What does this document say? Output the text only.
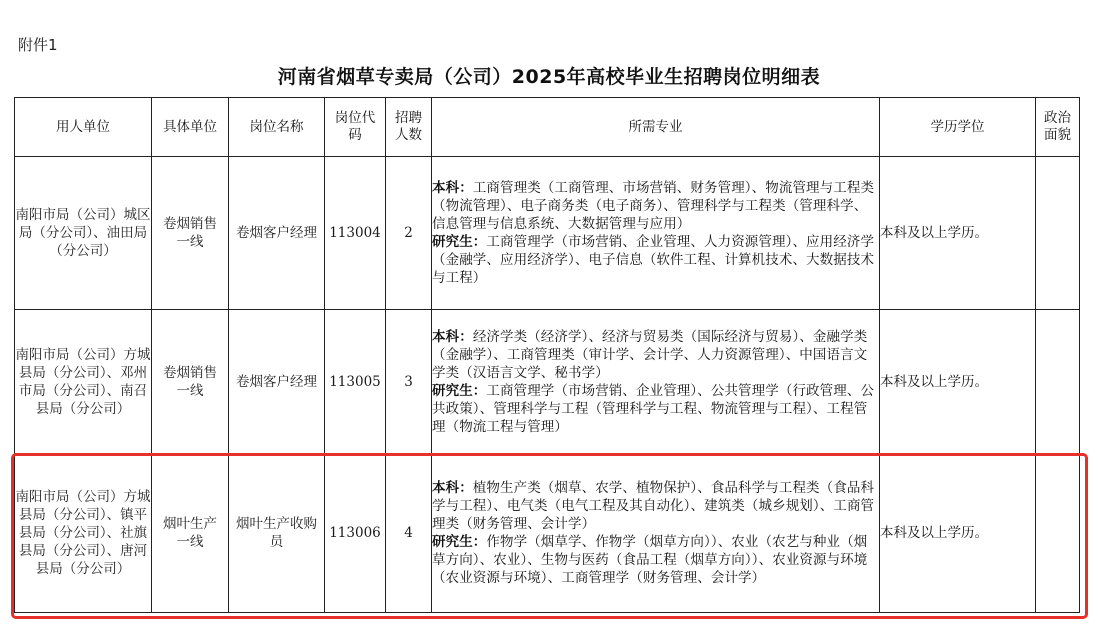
附件1
河南省烟草专卖局（公司）2025年高校毕业生招聘岗位明细表
用人单位	具体单位	岗位名称	岗位代码	招聘人数	所需专业	学历学位	政治面貌
南阳市局（公司）城区局（分公司）、油田局（分公司）	卷烟销售一线	卷烟客户经理	113004	2	本科：工商管理类（工商管理、市场营销、财务管理）、物流管理与工程类（物流管理）、电子商务类（电子商务）、管理科学与工程类（管理科学、信息管理与信息系统、大数据管理与应用）
研究生：工商管理学（市场营销、企业管理、人力资源管理）、应用经济学（金融学、应用经济学）、电子信息（软件工程、计算机技术、大数据技术与工程）	本科及以上学历。	
南阳市局（公司）方城县局（分公司）、邓州市局（分公司）、南召县局（分公司）	卷烟销售一线	卷烟客户经理	113005	3	本科：经济学类（经济学）、经济与贸易类（国际经济与贸易）、金融学类（金融学）、工商管理类（审计学、会计学、人力资源管理）、中国语言文学类（汉语言文学、秘书学）
研究生：工商管理学（市场营销、企业管理）、公共管理学（行政管理、公共政策）、管理科学与工程（管理科学与工程、物流管理与工程）、工程管理（物流工程与管理）	本科及以上学历。	
南阳市局（公司）方城县局（分公司）、镇平县局（分公司）、社旗县局（分公司）、唐河县局（分公司）	烟叶生产一线	烟叶生产收购员	113006	4	本科：植物生产类（烟草、农学、植物保护）、食品科学与工程类（食品科学与工程）、电气类（电气工程及其自动化）、建筑类（城乡规划）、工商管理类（财务管理、会计学）
研究生：作物学（烟草学、作物学（烟草方向））、农业（农艺与种业（烟草方向）、农业）、生物与医药（食品工程（烟草方向））、农业资源与环境（农业资源与环境）、工商管理学（财务管理、会计学）	本科及以上学历。	
